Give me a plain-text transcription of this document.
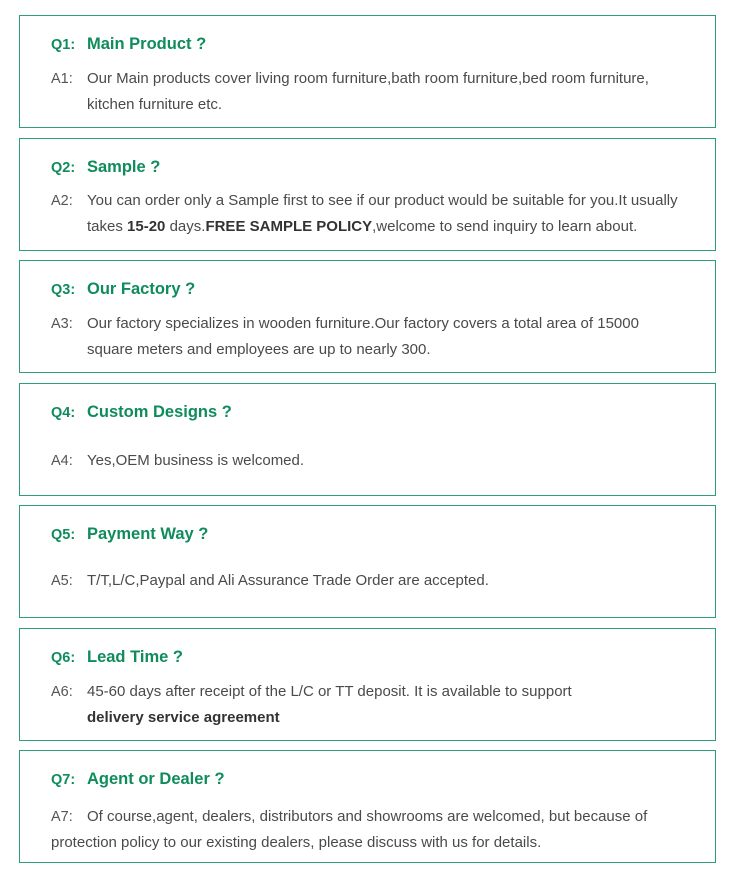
Q1: Main Product ?
A1: Our Main products cover living room furniture,bath room furniture,bed room furniture,
kitchen furniture etc.
Q2: Sample ?
A2: You can order only a Sample first to see if our product would be suitable for you.It usually
takes 15-20 days.FREE SAMPLE POLICY,welcome to send inquiry to learn about.
Q3: Our Factory ?
A3: Our factory specializes in wooden furniture.Our factory covers a total area of 15000
square meters and employees are up to nearly 300.
Q4: Custom Designs ?
A4: Yes,OEM business is welcomed.
Q5: Payment Way ?
A5: T/T,L/C,Paypal and Ali Assurance Trade Order are accepted.
Q6: Lead Time ?
A6: 45-60 days after receipt of the L/C or TT deposit. It is available to support
delivery service agreement
Q7: Agent or Dealer ?
A7: Of course,agent, dealers, distributors and showrooms are welcomed, but because of
protection policy to our existing dealers, please discuss with us for details.
